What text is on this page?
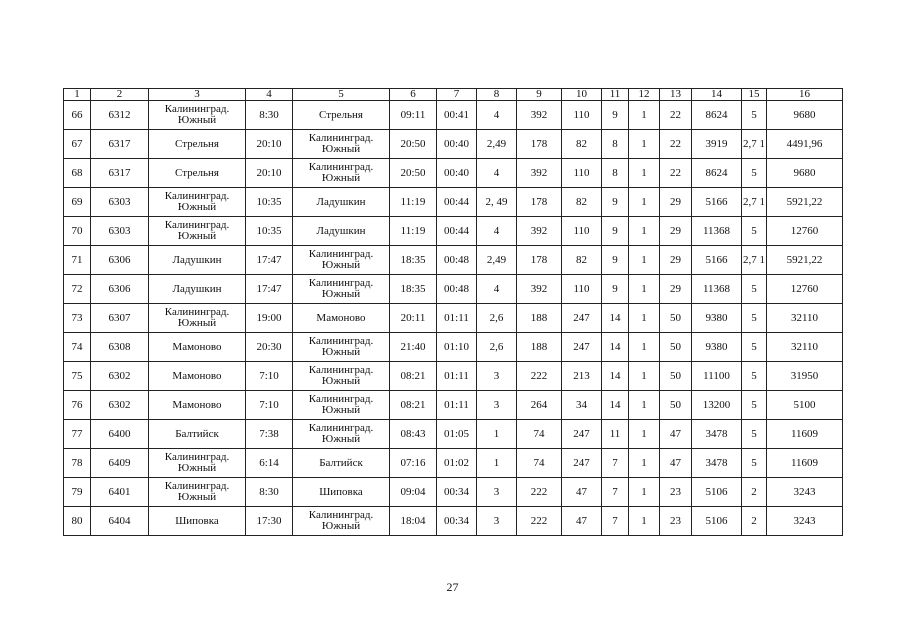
1	2	3	4	5	6	7	8	9	10	11	12	13	14	15	16
66	6312	Калининград. Южный	8:30	Стрельня	09:11	00:41	4	392	110	9	1	22	8624	5	9680
67	6317	Стрельня	20:10	Калининград. Южный	20:50	00:40	2,49	178	82	8	1	22	3919	2,7 1	4491,96
68	6317	Стрельня	20:10	Калининград. Южный	20:50	00:40	4	392	110	8	1	22	8624	5	9680
69	6303	Калининград. Южный	10:35	Ладушкин	11:19	00:44	2, 49	178	82	9	1	29	5166	2,7 1	5921,22
70	6303	Калининград. Южный	10:35	Ладушкин	11:19	00:44	4	392	110	9	1	29	11368	5	12760
71	6306	Ладушкин	17:47	Калининград. Южный	18:35	00:48	2,49	178	82	9	1	29	5166	2,7 1	5921,22
72	6306	Ладушкин	17:47	Калининград. Южный	18:35	00:48	4	392	110	9	1	29	11368	5	12760
73	6307	Калининград. Южный	19:00	Мамоново	20:11	01:11	2,6	188	247	14	1	50	9380	5	32110
74	6308	Мамоново	20:30	Калининград. Южный	21:40	01:10	2,6	188	247	14	1	50	9380	5	32110
75	6302	Мамоново	7:10	Калининград. Южный	08:21	01:11	3	222	213	14	1	50	11100	5	31950
76	6302	Мамоново	7:10	Калининград. Южный	08:21	01:11	3	264	34	14	1	50	13200	5	5100
77	6400	Балтийск	7:38	Калининград. Южный	08:43	01:05	1	74	247	11	1	47	3478	5	11609
78	6409	Калининград. Южный	6:14	Балтийск	07:16	01:02	1	74	247	7	1	47	3478	5	11609
79	6401	Калининград. Южный	8:30	Шиповка	09:04	00:34	3	222	47	7	1	23	5106	2	3243
80	6404	Шиповка	17:30	Калининград. Южный	18:04	00:34	3	222	47	7	1	23	5106	2	3243
27
